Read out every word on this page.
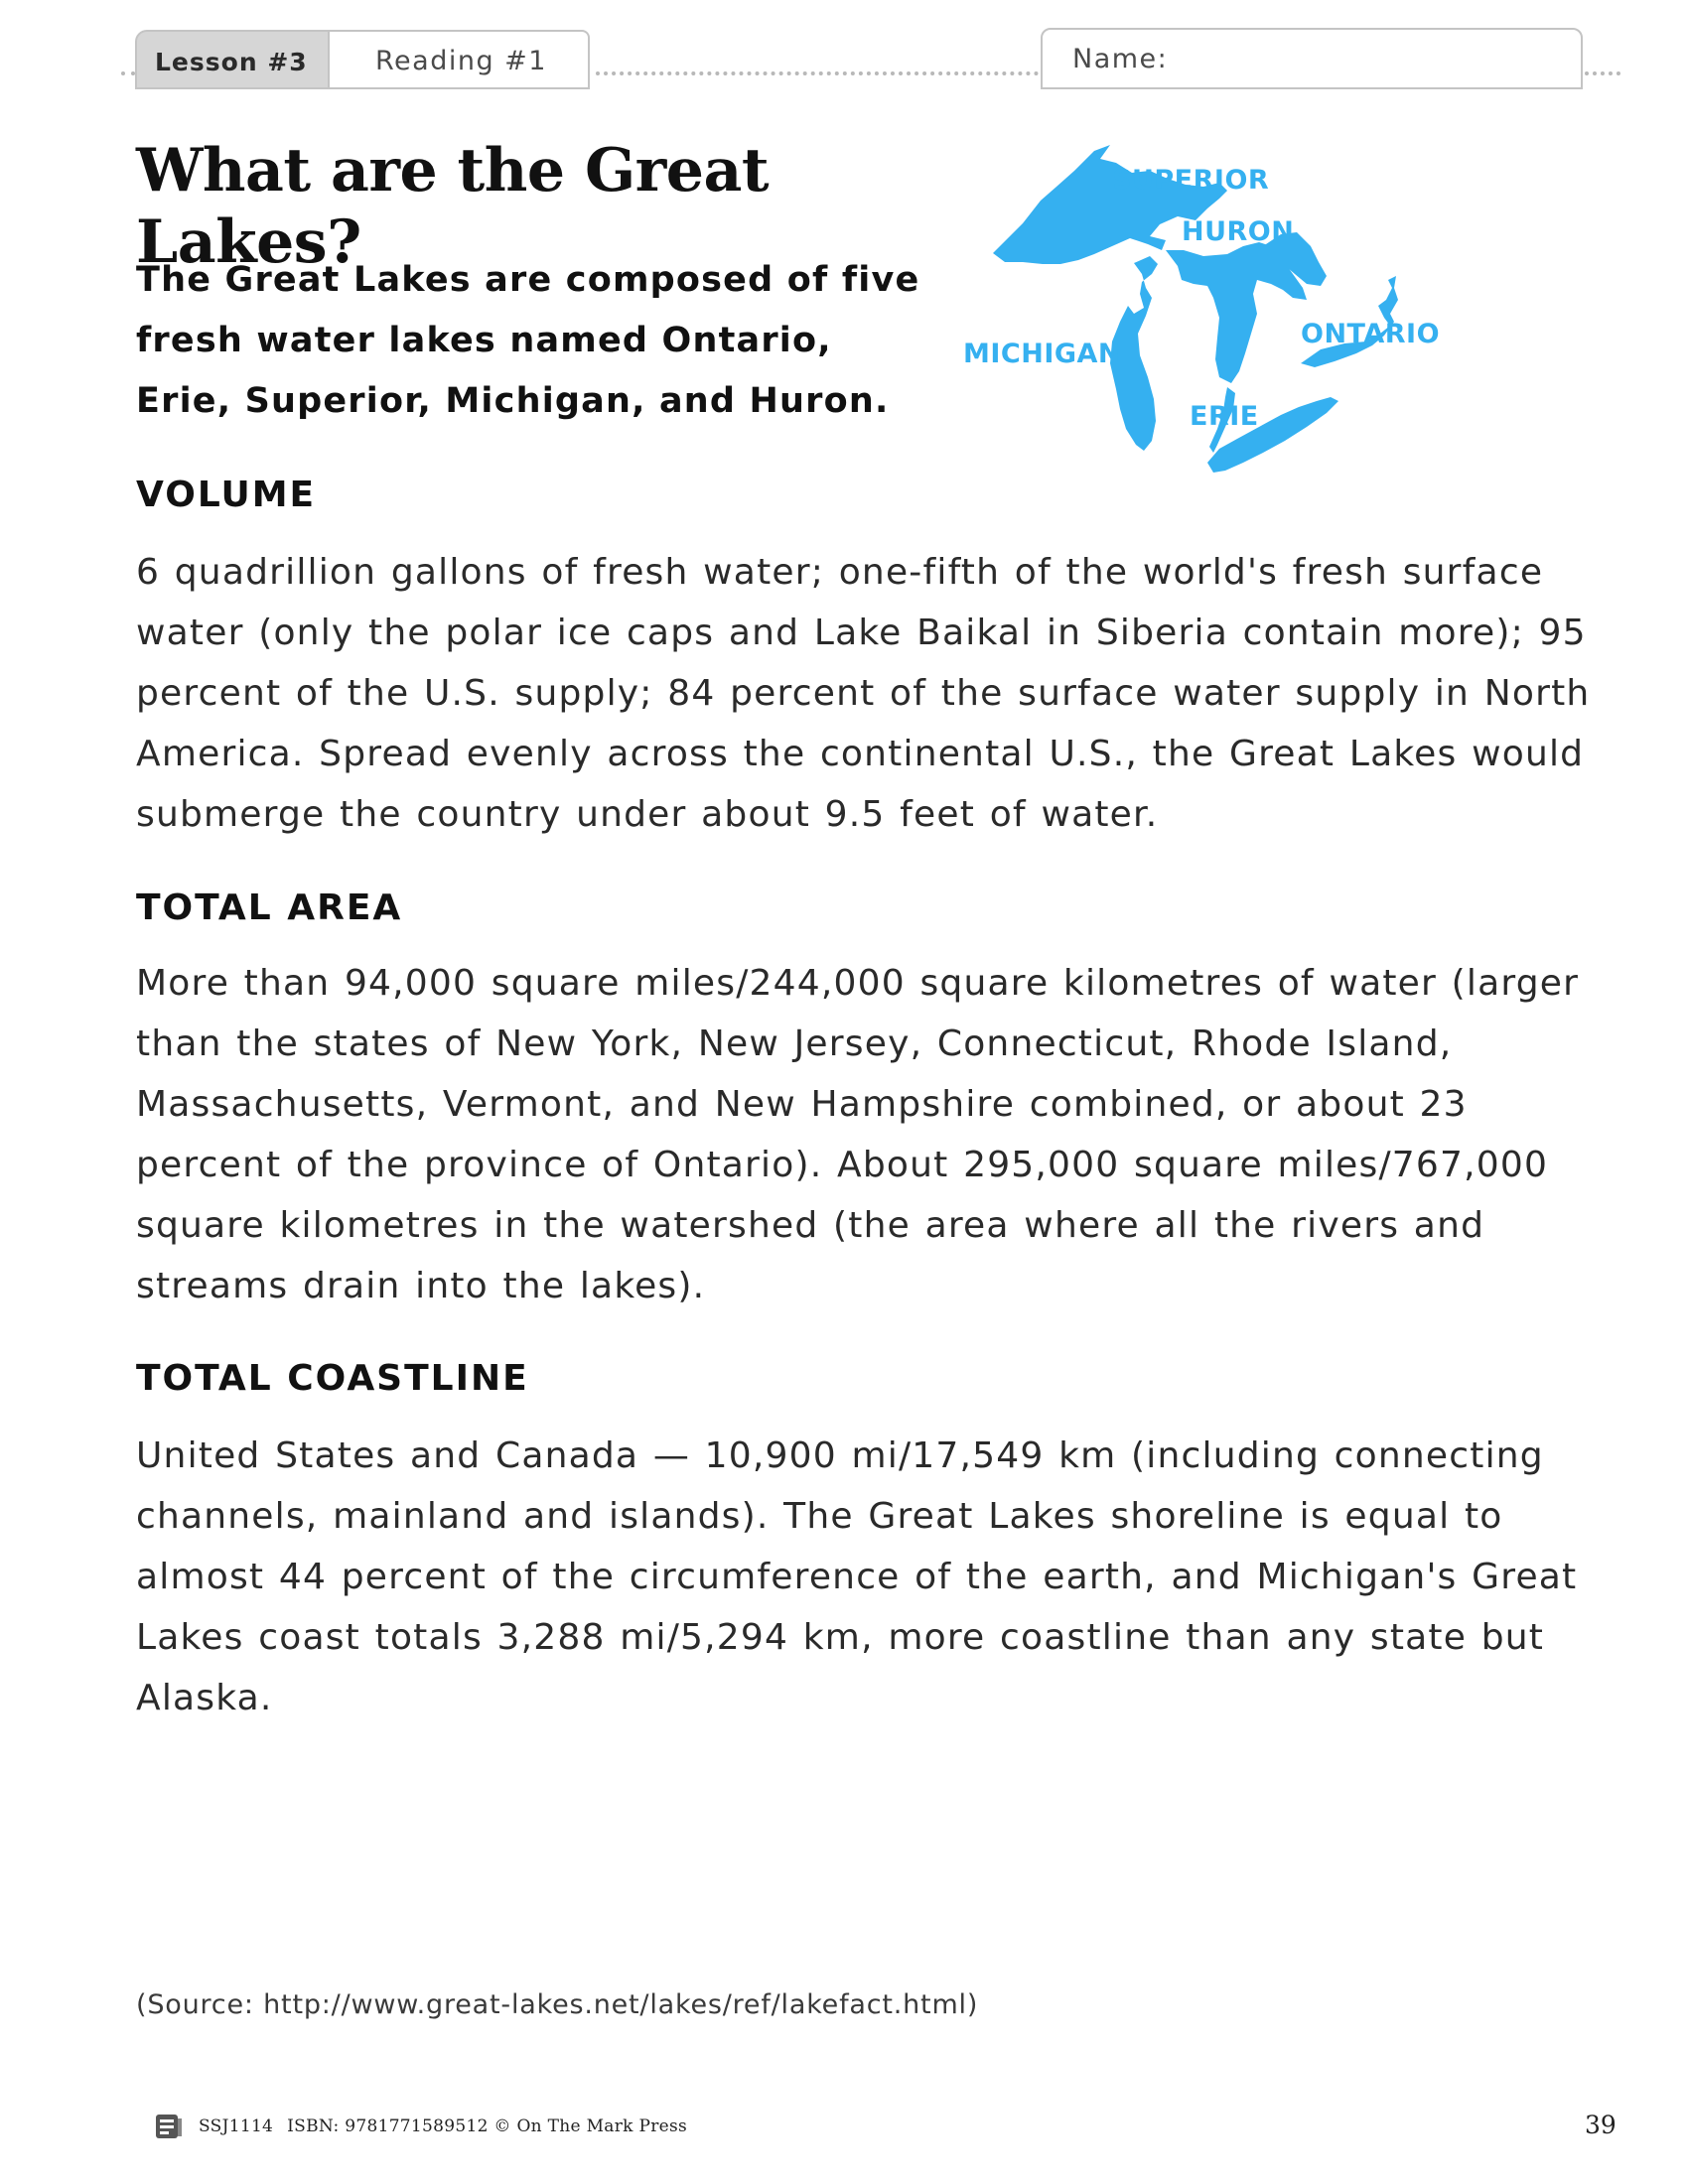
Lesson #3	Reading #1	Name:
What are the Great Lakes?

The Great Lakes are composed of five fresh water lakes named Ontario, Erie, Superior, Michigan, and Huron.

SUPERIOR
HURON
MICHIGAN
ONTARIO
ERIE
VOLUME

6 quadrillion gallons of fresh water; one-fifth of the world's fresh surface water (only the polar ice caps and Lake Baikal in Siberia contain more); 95 percent of the U.S. supply; 84 percent of the surface water supply in North America. Spread evenly across the continental U.S., the Great Lakes would submerge the country under about 9.5 feet of water.

TOTAL AREA

More than 94,000 square miles/244,000 square kilometres of water (larger than the states of New York, New Jersey, Connecticut, Rhode Island, Massachusetts, Vermont, and New Hampshire combined, or about 23 percent of the province of Ontario). About 295,000 square miles/767,000 square kilometres in the watershed (the area where all the rivers and streams drain into the lakes).

TOTAL COASTLINE

United States and Canada — 10,900 mi/17,549 km (including connecting channels, mainland and islands). The Great Lakes shoreline is equal to almost 44 percent of the circumference of the earth, and Michigan's Great Lakes coast totals 3,288 mi/5,294 km, more coastline than any state but Alaska.

(Source: http://www.great-lakes.net/lakes/ref/lakefact.html)

SSJ1114 ISBN: 9781771589512 © On The Mark Press	39
